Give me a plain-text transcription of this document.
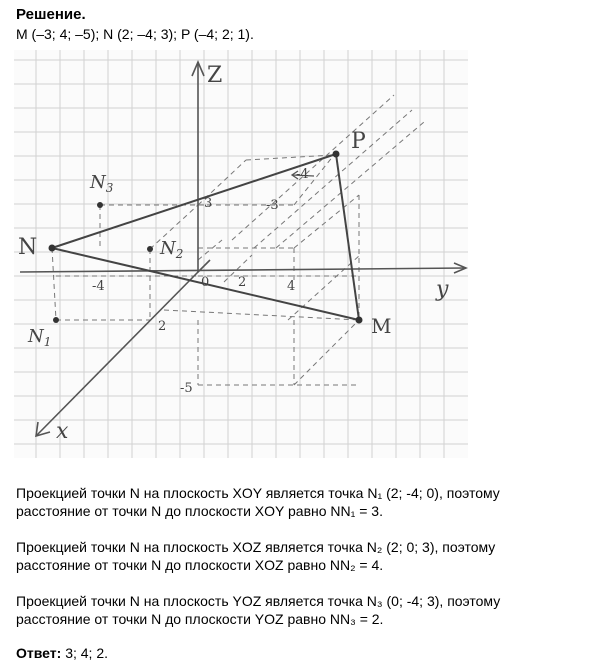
Решение.
M (–3; 4; –5); N (2; –4; 3); P (–4; 2; 1).
Z
y
x
P
N
M
$N_1$
$N_2$
$N_3$
0
3
-5
-4	2	4
2
-4
-3
Проекцией точки N на плоскость XOY является точка N₁ (2; -4; 0), поэтому
расстояние от точки N до плоскости XOY равно NN₁ = 3.
Проекцией точки N на плоскость XOZ является точка N₂ (2; 0; 3), поэтому
расстояние от точки N до плоскости XOZ равно NN₂ = 4.
Проекцией точки N на плоскость YOZ является точка N₃ (0; -4; 3), поэтому
расстояние от точки N до плоскости YOZ равно NN₃ = 2.
Ответ: 3; 4; 2.
